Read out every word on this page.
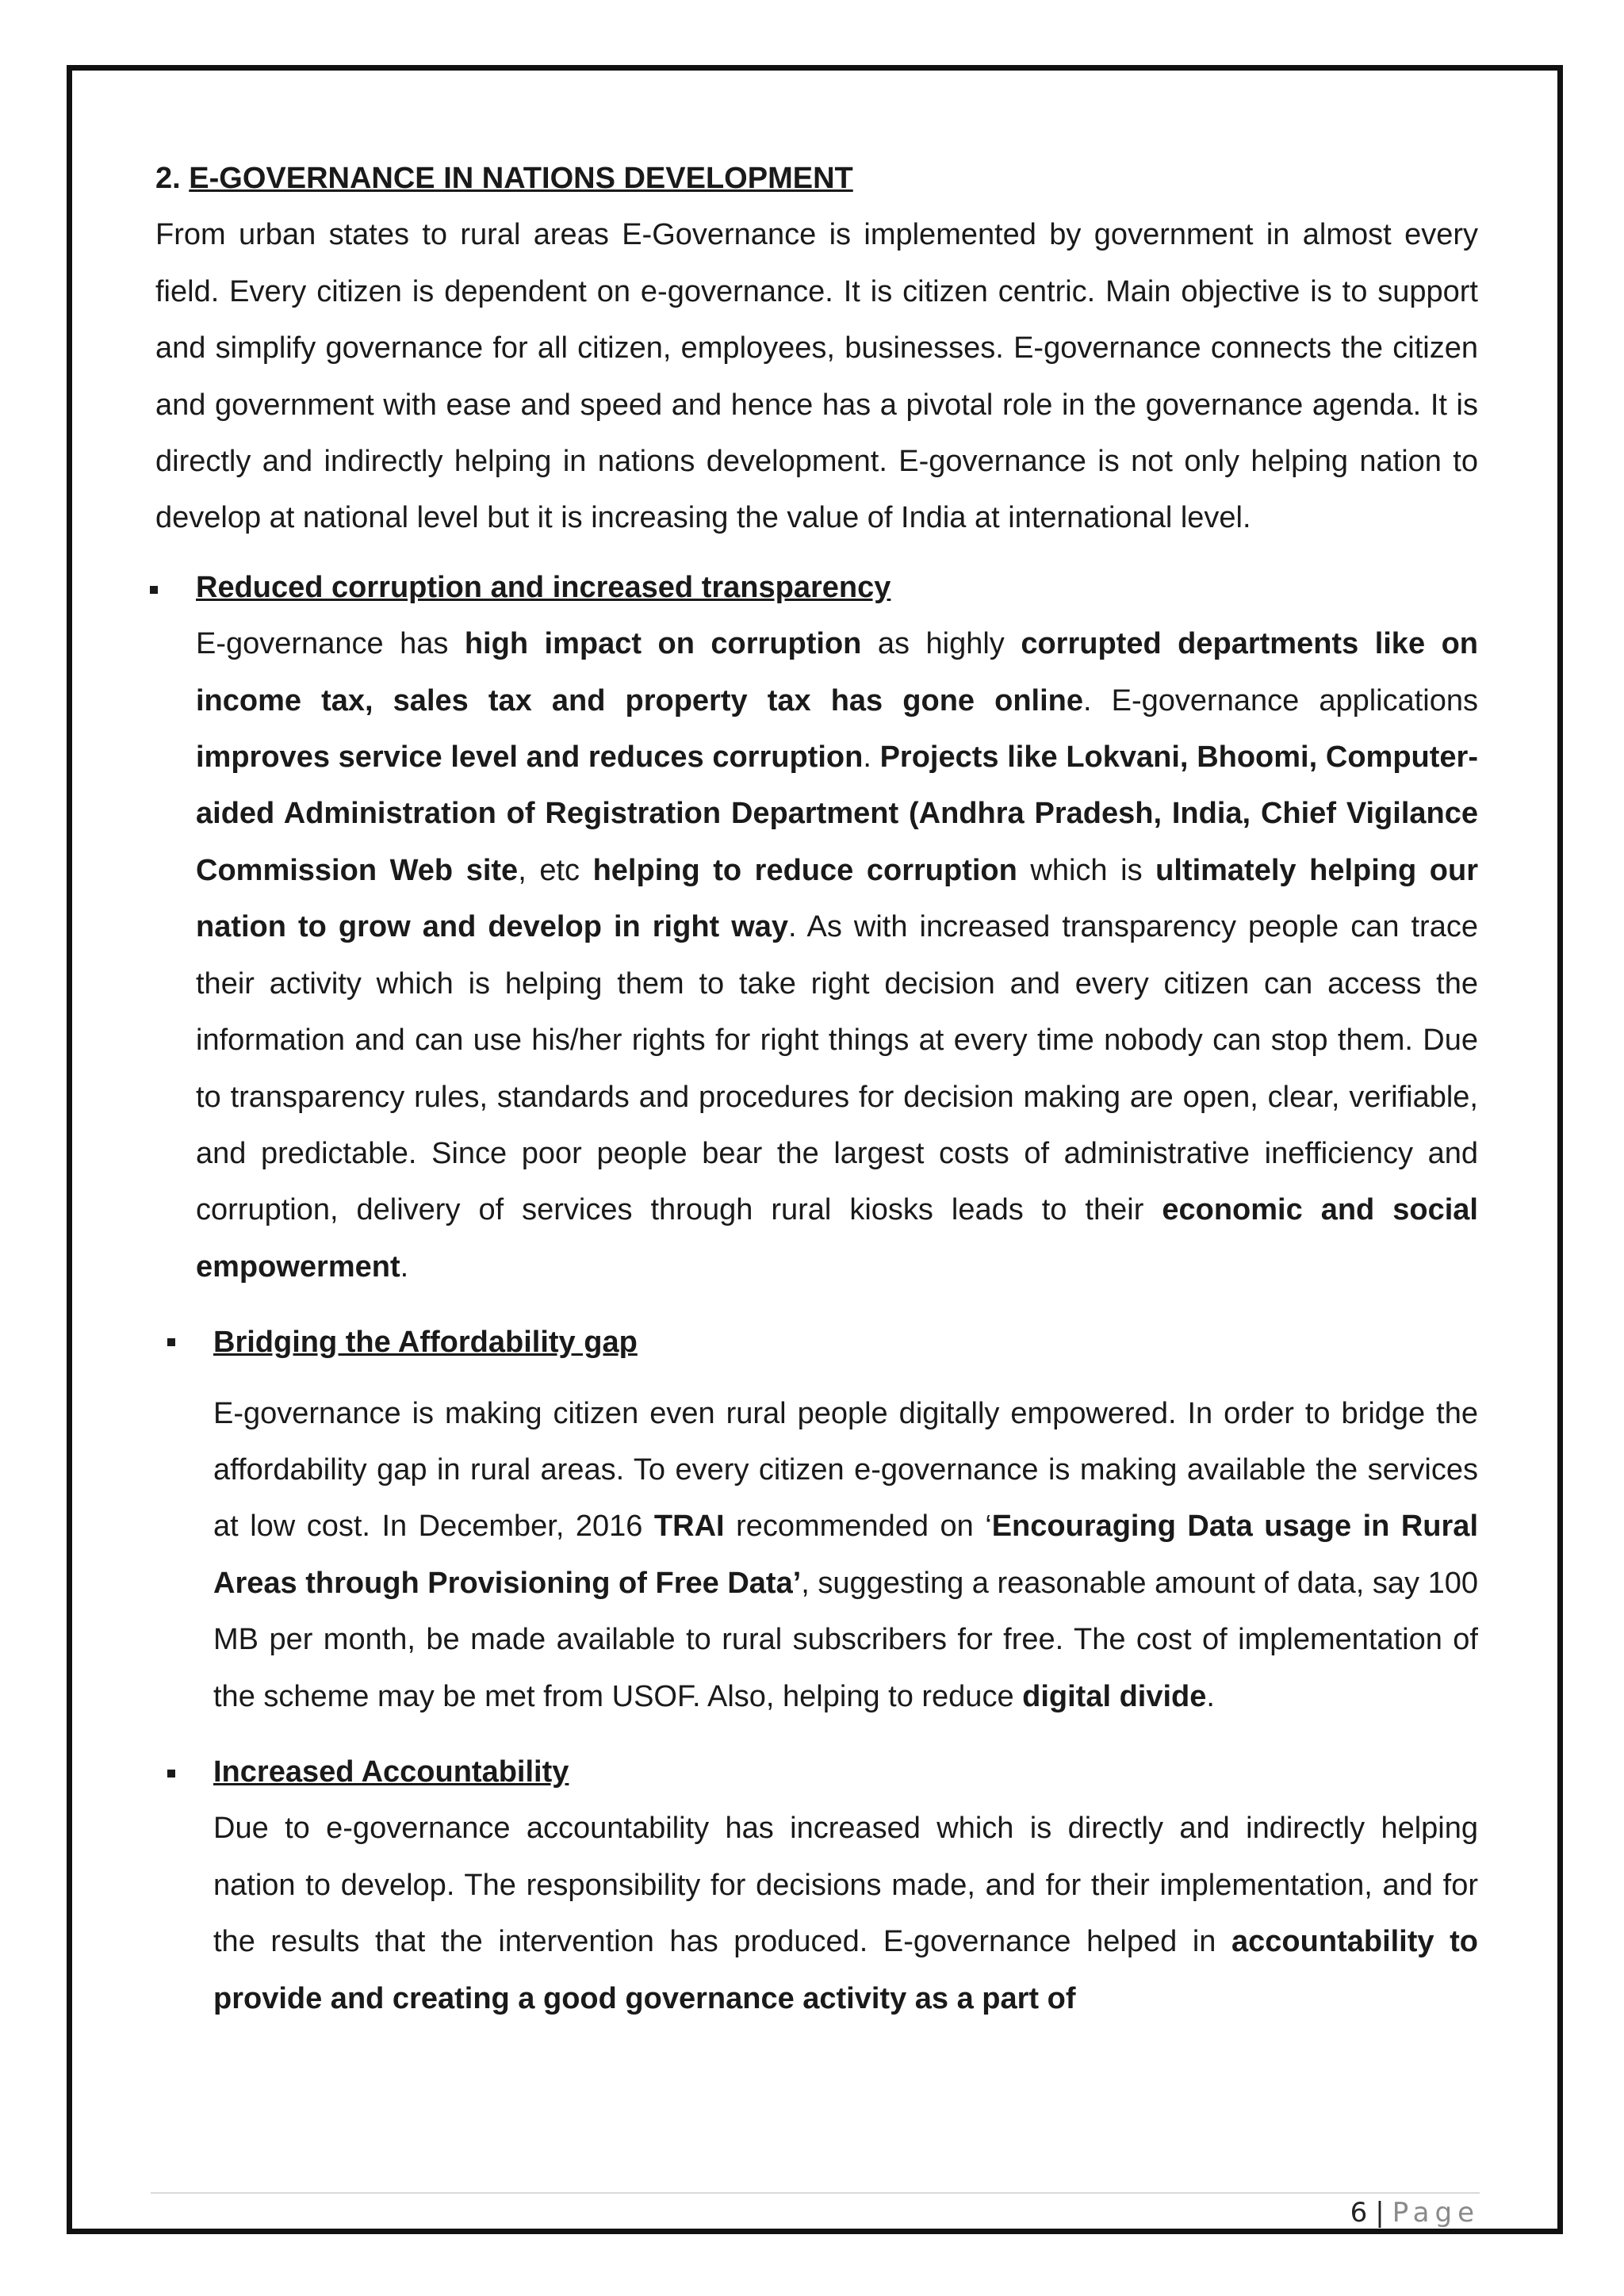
2. E-GOVERNANCE IN NATIONS DEVELOPMENT

From urban states to rural areas E-Governance is implemented by government in almost every field. Every citizen is dependent on e-governance. It is citizen centric. Main objective is to support and simplify governance for all citizen, employees, businesses. E-governance connects the citizen and government with ease and speed and hence has a pivotal role in the governance agenda. It is directly and indirectly helping in nations development. E-governance is not only helping nation to develop at national level but it is increasing the value of India at international level.

Reduced corruption and increased transparency

E-governance has high impact on corruption as highly corrupted departments like on income tax, sales tax and property tax has gone online. E-governance applications improves service level and reduces corruption. Projects like Lokvani, Bhoomi, Computer-aided Administration of Registration Department (Andhra Pradesh, India, Chief Vigilance Commission Web site, etc helping to reduce corruption which is ultimately helping our nation to grow and develop in right way. As with increased transparency people can trace their activity which is helping them to take right decision and every citizen can access the information and can use his/her rights for right things at every time nobody can stop them. Due to transparency rules, standards and procedures for decision making are open, clear, verifiable, and predictable. Since poor people bear the largest costs of administrative inefficiency and corruption, delivery of services through rural kiosks leads to their economic and social empowerment.

Bridging the Affordability gap

E-governance is making citizen even rural people digitally empowered. In order to bridge the affordability gap in rural areas. To every citizen e-governance is making available the services at low cost. In December, 2016 TRAI recommended on ‘Encouraging Data usage in Rural Areas through Provisioning of Free Data’, suggesting a reasonable amount of data, say 100 MB per month, be made available to rural subscribers for free. The cost of implementation of the scheme may be met from USOF. Also, helping to reduce digital divide.

Increased Accountability

Due to e-governance accountability has increased which is directly and indirectly helping nation to develop. The responsibility for decisions made, and for their implementation, and for the results that the intervention has produced. E-governance helped in accountability to provide and creating a good governance activity as a part of

6 | Page
